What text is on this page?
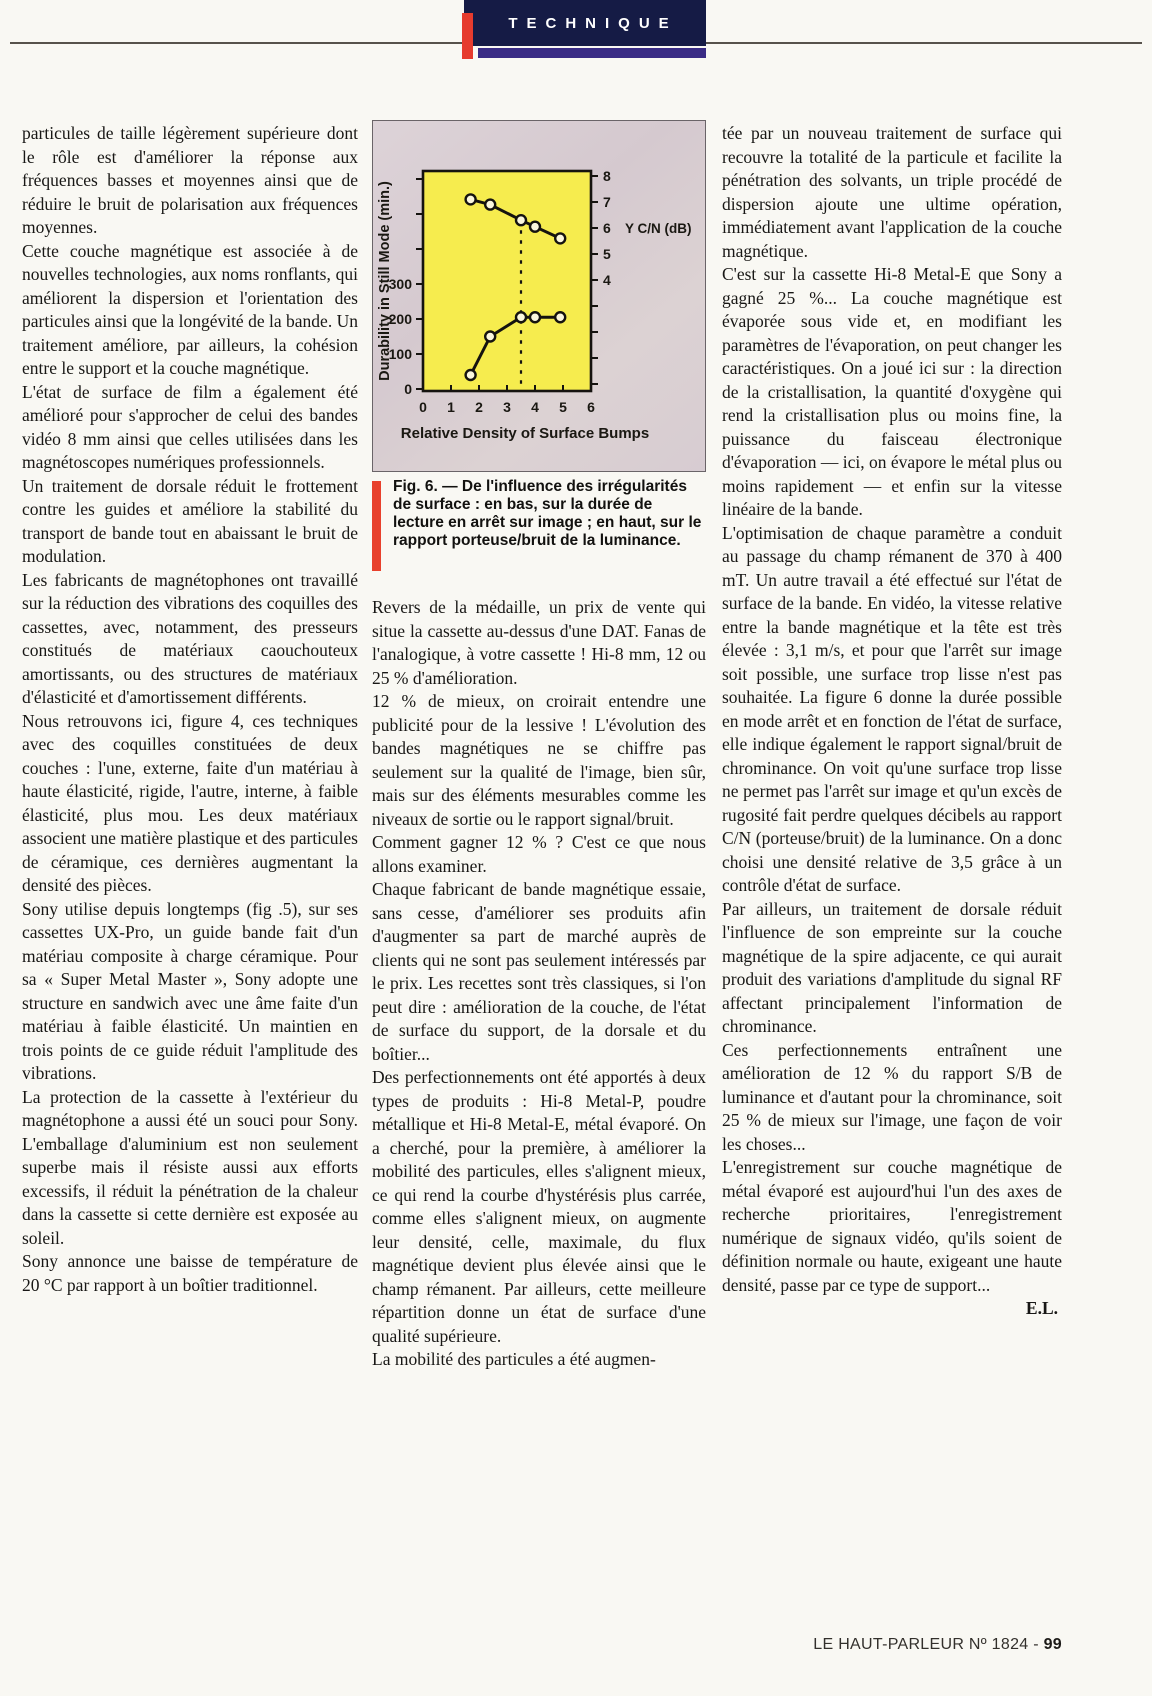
TECHNIQUE

particules de taille légèrement supérieure dont le rôle est d'améliorer la réponse aux fréquences basses et moyennes ainsi que de réduire le bruit de polarisation aux fréquences moyennes.

Cette couche magnétique est associée à de nouvelles technologies, aux noms ronflants, qui améliorent la dispersion et l'orientation des particules ainsi que la longévité de la bande. Un traitement améliore, par ailleurs, la cohésion entre le support et la couche magnétique.

L'état de surface de film a également été amélioré pour s'approcher de celui des bandes vidéo 8 mm ainsi que celles utilisées dans les magnétoscopes numériques professionnels.

Un traitement de dorsale réduit le frottement contre les guides et améliore la stabilité du transport de bande tout en abaissant le bruit de modulation.

Les fabricants de magnétophones ont travaillé sur la réduction des vibrations des coquilles des cassettes, avec, notamment, des presseurs constitués de matériaux caouchouteux amortissants, ou des structures de matériaux d'élasticité et d'amortissement différents.

Nous retrouvons ici, figure 4, ces techniques avec des coquilles constituées de deux couches : l'une, externe, faite d'un matériau à haute élasticité, rigide, l'autre, interne, à faible élasticité, plus mou. Les deux matériaux associent une matière plastique et des particules de céramique, ces dernières augmentant la densité des pièces.

Sony utilise depuis longtemps (fig .5), sur ses cassettes UX-Pro, un guide bande fait d'un matériau composite à charge céramique. Pour sa « Super Metal Master », Sony adopte une structure en sandwich avec une âme faite d'un matériau à faible élasticité. Un maintien en trois points de ce guide réduit l'amplitude des vibrations.

La protection de la cassette à l'extérieur du magnétophone a aussi été un souci pour Sony. L'emballage d'aluminium est non seulement superbe mais il résiste aussi aux efforts excessifs, il réduit la pénétration de la chaleur dans la cassette si cette dernière est exposée au soleil.

Sony annonce une baisse de température de 20 °C par rapport à un boîtier traditionnel.

0 1 2 3 4 5 6
0
100
200
300
8
7
6
5
4
Durability in Still Mode (min.)
Relative Density of Surface Bumps
Y C/N (dB)
Fig. 6. — De l'influence des irrégularités de surface : en bas, sur la durée de lecture en arrêt sur image ; en haut, sur le rapport porteuse/bruit de la luminance.

Revers de la médaille, un prix de vente qui situe la cassette au-dessus d'une DAT. Fanas de l'analogique, à votre cassette ! Hi-8 mm, 12 ou 25 % d'amélioration.

12 % de mieux, on croirait entendre une publicité pour de la lessive ! L'évolution des bandes magnétiques ne se chiffre pas seulement sur la qualité de l'image, bien sûr, mais sur des éléments mesurables comme les niveaux de sortie ou le rapport signal/bruit.

Comment gagner 12 % ? C'est ce que nous allons examiner.

Chaque fabricant de bande magnétique essaie, sans cesse, d'améliorer ses produits afin d'augmenter sa part de marché auprès de clients qui ne sont pas seulement intéressés par le prix. Les recettes sont très classiques, si l'on peut dire : amélioration de la couche, de l'état de surface du support, de la dorsale et du boîtier...

Des perfectionnements ont été apportés à deux types de produits : Hi-8 Metal-P, poudre métallique et Hi-8 Metal-E, métal évaporé. On a cherché, pour la première, à améliorer la mobilité des particules, elles s'alignent mieux, ce qui rend la courbe d'hystérésis plus carrée, comme elles s'alignent mieux, on augmente leur densité, celle, maximale, du flux magnétique devient plus élevée ainsi que le champ rémanent. Par ailleurs, cette meilleure répartition donne un état de surface d'une qualité supérieure.

La mobilité des particules a été augmen-

tée par un nouveau traitement de surface qui recouvre la totalité de la particule et facilite la pénétration des solvants, un triple procédé de dispersion ajoute une ultime opération, immédiatement avant l'application de la couche magnétique.

C'est sur la cassette Hi-8 Metal-E que Sony a gagné 25 %... La couche magnétique est évaporée sous vide et, en modifiant les paramètres de l'évaporation, on peut changer les caractéristiques. On a joué ici sur : la direction de la cristallisation, la quantité d'oxygène qui rend la cristallisation plus ou moins fine, la puissance du faisceau électronique d'évaporation — ici, on évapore le métal plus ou moins rapidement — et enfin sur la vitesse linéaire de la bande.

L'optimisation de chaque paramètre a conduit au passage du champ rémanent de 370 à 400 mT. Un autre travail a été effectué sur l'état de surface de la bande. En vidéo, la vitesse relative entre la bande magnétique et la tête est très élevée : 3,1 m/s, et pour que l'arrêt sur image soit possible, une surface trop lisse n'est pas souhaitée. La figure 6 donne la durée possible en mode arrêt et en fonction de l'état de surface, elle indique également le rapport signal/bruit de chrominance. On voit qu'une surface trop lisse ne permet pas l'arrêt sur image et qu'un excès de rugosité fait perdre quelques décibels au rapport C/N (porteuse/bruit) de la luminance. On a donc choisi une densité relative de 3,5 grâce à un contrôle d'état de surface.

Par ailleurs, un traitement de dorsale réduit l'influence de son empreinte sur la couche magnétique de la spire adjacente, ce qui aurait produit des variations d'amplitude du signal RF affectant principalement l'information de chrominance.

Ces perfectionnements entraînent une amélioration de 12 % du rapport S/B de luminance et d'autant pour la chrominance, soit 25 % de mieux sur l'image, une façon de voir les choses...

L'enregistrement sur couche magnétique de métal évaporé est aujourd'hui l'un des axes de recherche prioritaires, l'enregistrement numérique de signaux vidéo, qu'ils soient de définition normale ou haute, exigeant une haute densité, passe par ce type de support...

E.L.

LE HAUT-PARLEUR Nº 1824 - 99
